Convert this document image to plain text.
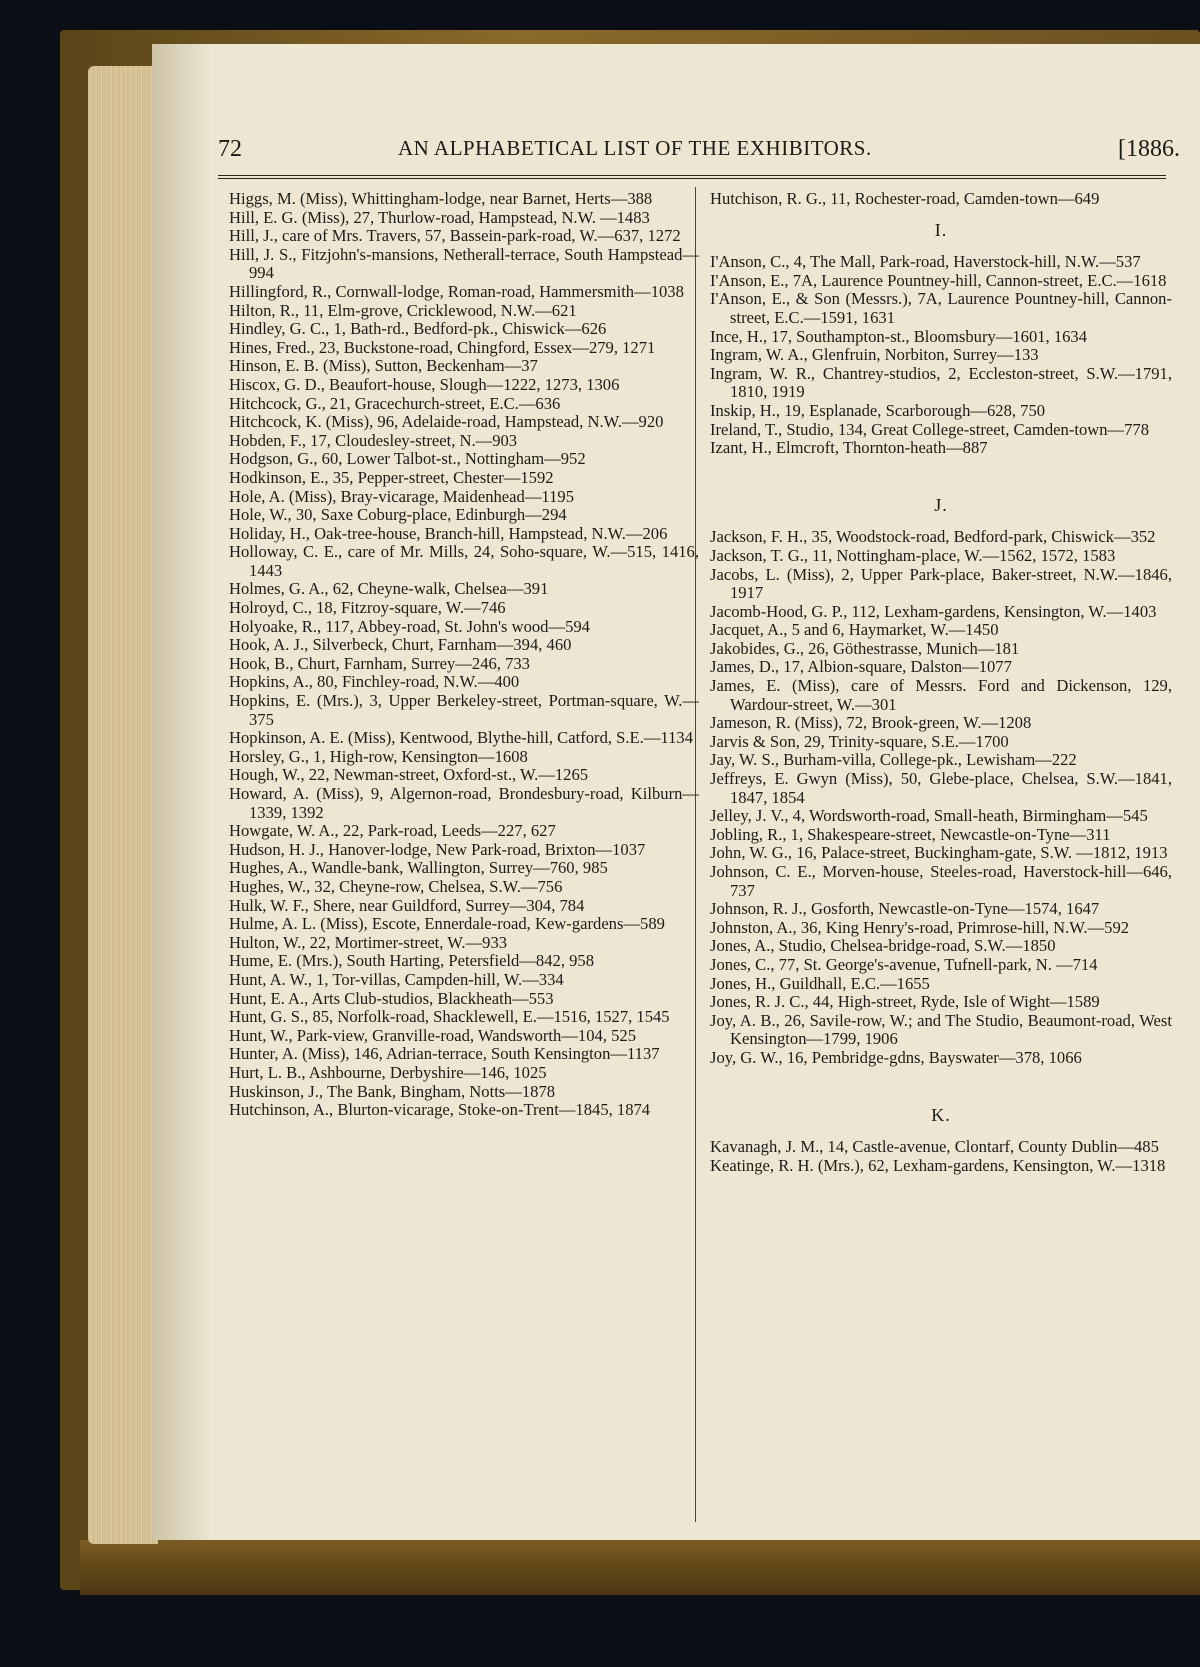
72	AN ALPHABETICAL LIST OF THE EXHIBITORS.	[1886.

Higgs, M. (Miss), Whittingham-lodge, near Barnet, Herts—388

Hill, E. G. (Miss), 27, Thurlow-road, Hampstead, N.W. —1483

Hill, J., care of Mrs. Travers, 57, Bassein-park-road, W.—637, 1272

Hill, J. S., Fitzjohn's-mansions, Netherall-terrace, South Hampstead—994

Hillingford, R., Cornwall-lodge, Roman-road, Hammersmith—1038

Hilton, R., 11, Elm-grove, Cricklewood, N.W.—621

Hindley, G. C., 1, Bath-rd., Bedford-pk., Chiswick—626

Hines, Fred., 23, Buckstone-road, Chingford, Essex—279, 1271

Hinson, E. B. (Miss), Sutton, Beckenham—37

Hiscox, G. D., Beaufort-house, Slough—1222, 1273, 1306

Hitchcock, G., 21, Gracechurch-street, E.C.—636

Hitchcock, K. (Miss), 96, Adelaide-road, Hampstead, N.W.—920

Hobden, F., 17, Cloudesley-street, N.—903

Hodgson, G., 60, Lower Talbot-st., Nottingham—952

Hodkinson, E., 35, Pepper-street, Chester—1592

Hole, A. (Miss), Bray-vicarage, Maidenhead—1195

Hole, W., 30, Saxe Coburg-place, Edinburgh—294

Holiday, H., Oak-tree-house, Branch-hill, Hampstead, N.W.—206

Holloway, C. E., care of Mr. Mills, 24, Soho-square, W.—515, 1416, 1443

Holmes, G. A., 62, Cheyne-walk, Chelsea—391

Holroyd, C., 18, Fitzroy-square, W.—746

Holyoake, R., 117, Abbey-road, St. John's wood—594

Hook, A. J., Silverbeck, Churt, Farnham—394, 460

Hook, B., Churt, Farnham, Surrey—246, 733

Hopkins, A., 80, Finchley-road, N.W.—400

Hopkins, E. (Mrs.), 3, Upper Berkeley-street, Portman-square, W.—375

Hopkinson, A. E. (Miss), Kentwood, Blythe-hill, Catford, S.E.—1134

Horsley, G., 1, High-row, Kensington—1608

Hough, W., 22, Newman-street, Oxford-st., W.—1265

Howard, A. (Miss), 9, Algernon-road, Brondesbury-road, Kilburn—1339, 1392

Howgate, W. A., 22, Park-road, Leeds—227, 627

Hudson, H. J., Hanover-lodge, New Park-road, Brixton—1037

Hughes, A., Wandle-bank, Wallington, Surrey—760, 985

Hughes, W., 32, Cheyne-row, Chelsea, S.W.—756

Hulk, W. F., Shere, near Guildford, Surrey—304, 784

Hulme, A. L. (Miss), Escote, Ennerdale-road, Kew-gardens—589

Hulton, W., 22, Mortimer-street, W.—933

Hume, E. (Mrs.), South Harting, Petersfield—842, 958

Hunt, A. W., 1, Tor-villas, Campden-hill, W.—334

Hunt, E. A., Arts Club-studios, Blackheath—553

Hunt, G. S., 85, Norfolk-road, Shacklewell, E.—1516, 1527, 1545

Hunt, W., Park-view, Granville-road, Wandsworth—104, 525

Hunter, A. (Miss), 146, Adrian-terrace, South Kensington—1137

Hurt, L. B., Ashbourne, Derbyshire—146, 1025

Huskinson, J., The Bank, Bingham, Notts—1878

Hutchinson, A., Blurton-vicarage, Stoke-on-Trent—1845, 1874

Hutchison, R. G., 11, Rochester-road, Camden-town—649

I.

I'Anson, C., 4, The Mall, Park-road, Haverstock-hill, N.W.—537

I'Anson, E., 7A, Laurence Pountney-hill, Cannon-street, E.C.—1618

I'Anson, E., & Son (Messrs.), 7A, Laurence Pountney-hill, Cannon-street, E.C.—1591, 1631

Ince, H., 17, Southampton-st., Bloomsbury—1601, 1634

Ingram, W. A., Glenfruin, Norbiton, Surrey—133

Ingram, W. R., Chantrey-studios, 2, Eccleston-street, S.W.—1791, 1810, 1919

Inskip, H., 19, Esplanade, Scarborough—628, 750

Ireland, T., Studio, 134, Great College-street, Camden-town—778

Izant, H., Elmcroft, Thornton-heath—887

J.

Jackson, F. H., 35, Woodstock-road, Bedford-park, Chiswick—352

Jackson, T. G., 11, Nottingham-place, W.—1562, 1572, 1583

Jacobs, L. (Miss), 2, Upper Park-place, Baker-street, N.W.—1846, 1917

Jacomb-Hood, G. P., 112, Lexham-gardens, Kensington, W.—1403

Jacquet, A., 5 and 6, Haymarket, W.—1450

Jakobides, G., 26, Göthestrasse, Munich—181

James, D., 17, Albion-square, Dalston—1077

James, E. (Miss), care of Messrs. Ford and Dickenson, 129, Wardour-street, W.—301

Jameson, R. (Miss), 72, Brook-green, W.—1208

Jarvis & Son, 29, Trinity-square, S.E.—1700

Jay, W. S., Burham-villa, College-pk., Lewisham—222

Jeffreys, E. Gwyn (Miss), 50, Glebe-place, Chelsea, S.W.—1841, 1847, 1854

Jelley, J. V., 4, Wordsworth-road, Small-heath, Birmingham—545

Jobling, R., 1, Shakespeare-street, Newcastle-on-Tyne—311

John, W. G., 16, Palace-street, Buckingham-gate, S.W. —1812, 1913

Johnson, C. E., Morven-house, Steeles-road, Haverstock-hill—646, 737

Johnson, R. J., Gosforth, Newcastle-on-Tyne—1574, 1647

Johnston, A., 36, King Henry's-road, Primrose-hill, N.W.—592

Jones, A., Studio, Chelsea-bridge-road, S.W.—1850

Jones, C., 77, St. George's-avenue, Tufnell-park, N. —714

Jones, H., Guildhall, E.C.—1655

Jones, R. J. C., 44, High-street, Ryde, Isle of Wight—1589

Joy, A. B., 26, Savile-row, W.; and The Studio, Beaumont-road, West Kensington—1799, 1906

Joy, G. W., 16, Pembridge-gdns, Bayswater—378, 1066

K.

Kavanagh, J. M., 14, Castle-avenue, Clontarf, County Dublin—485

Keatinge, R. H. (Mrs.), 62, Lexham-gardens, Kensington, W.—1318
